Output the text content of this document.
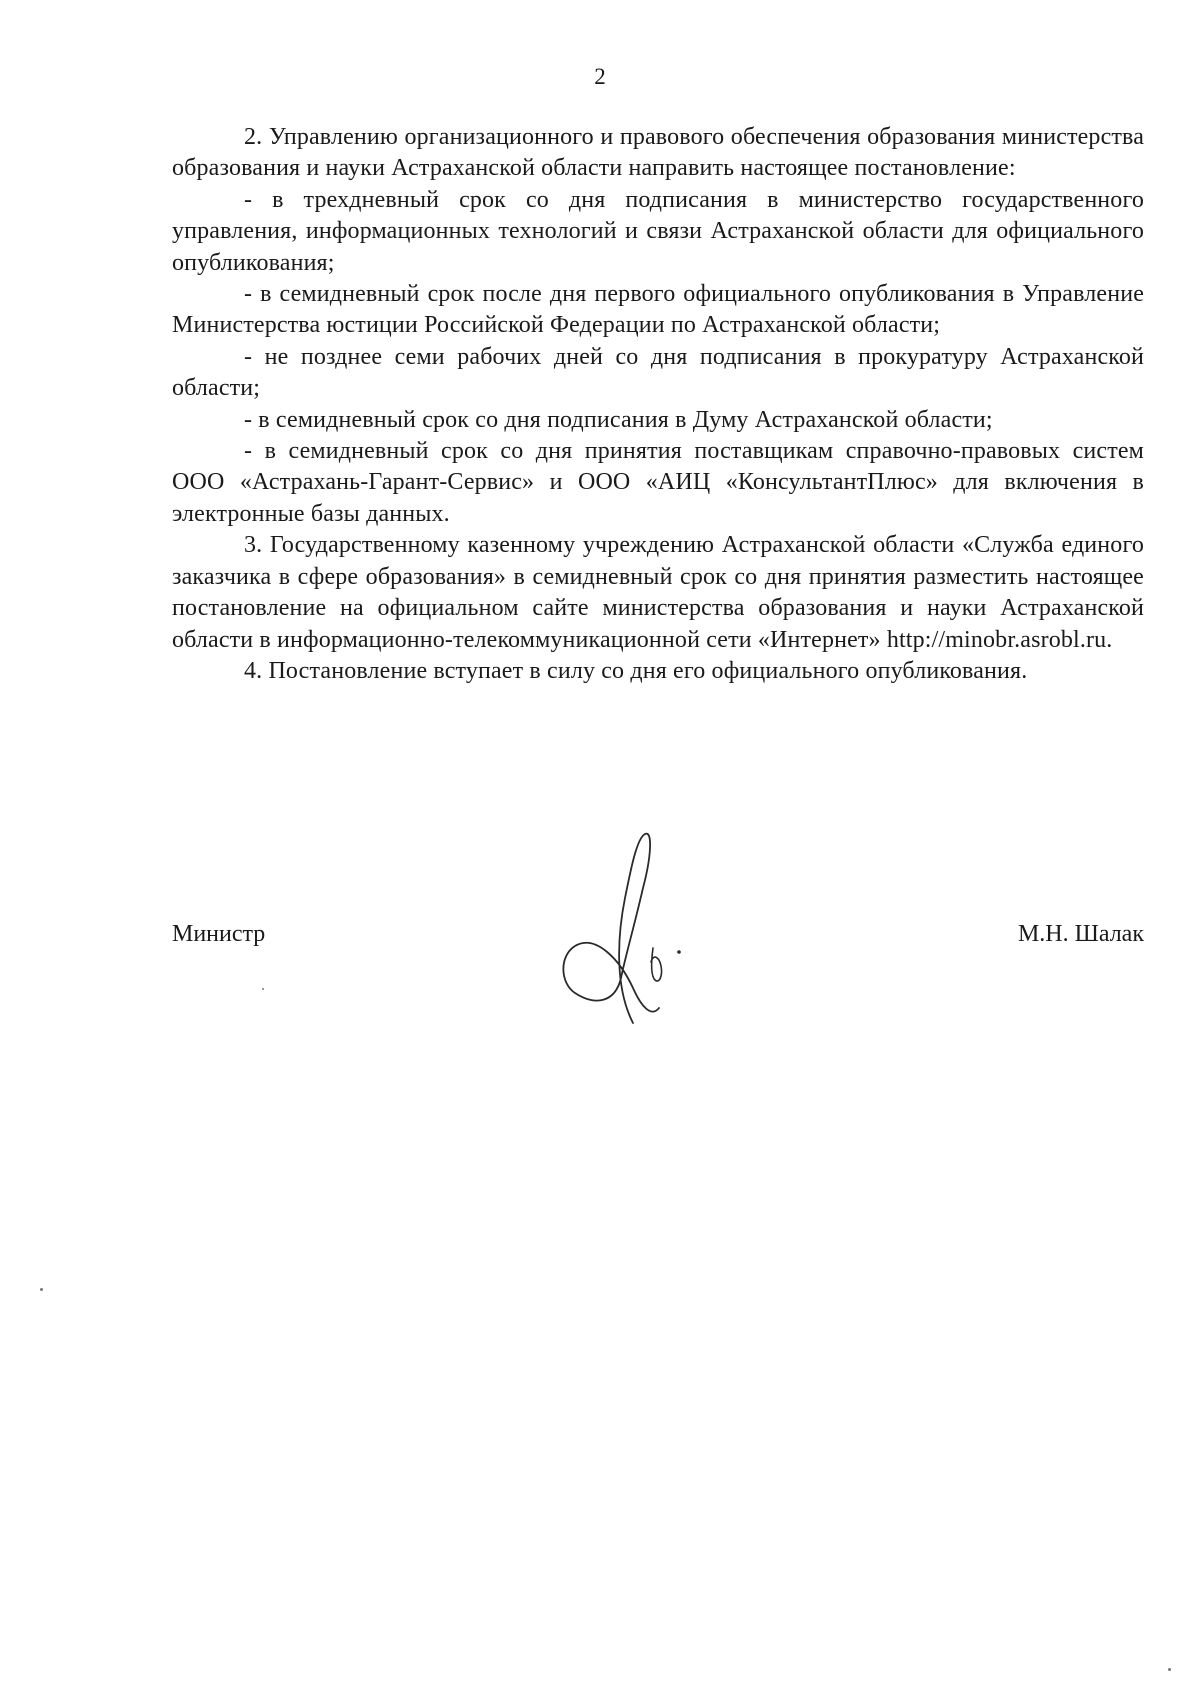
2

2. Управлению организационного и правового обеспечения образования министерства образования и науки Астраханской области направить настоящее постановление:

- в трехдневный срок со дня подписания в министерство государственного управления, информационных технологий и связи Астраханской области для официального опубликования;

- в семидневный срок после дня первого официального опубликования в Управление Министерства юстиции Российской Федерации по Астраханской области;

- не позднее семи рабочих дней со дня подписания в прокуратуру Астраханской области;

- в семидневный срок со дня подписания в Думу Астраханской области;

- в семидневный срок со дня принятия поставщикам справочно-правовых систем ООО «Астрахань-Гарант-Сервис» и ООО «АИЦ «КонсультантПлюс» для включения в электронные базы данных.

3. Государственному казенному учреждению Астраханской области «Служба единого заказчика в сфере образования» в семидневный срок со дня принятия разместить настоящее постановление на официальном сайте министерства образования и науки Астраханской области в информационно-телекоммуникационной сети «Интернет» http://minobr.asrobl.ru.

4. Постановление вступает в силу со дня его официального опубликования.

Министр	М.Н. Шалак
